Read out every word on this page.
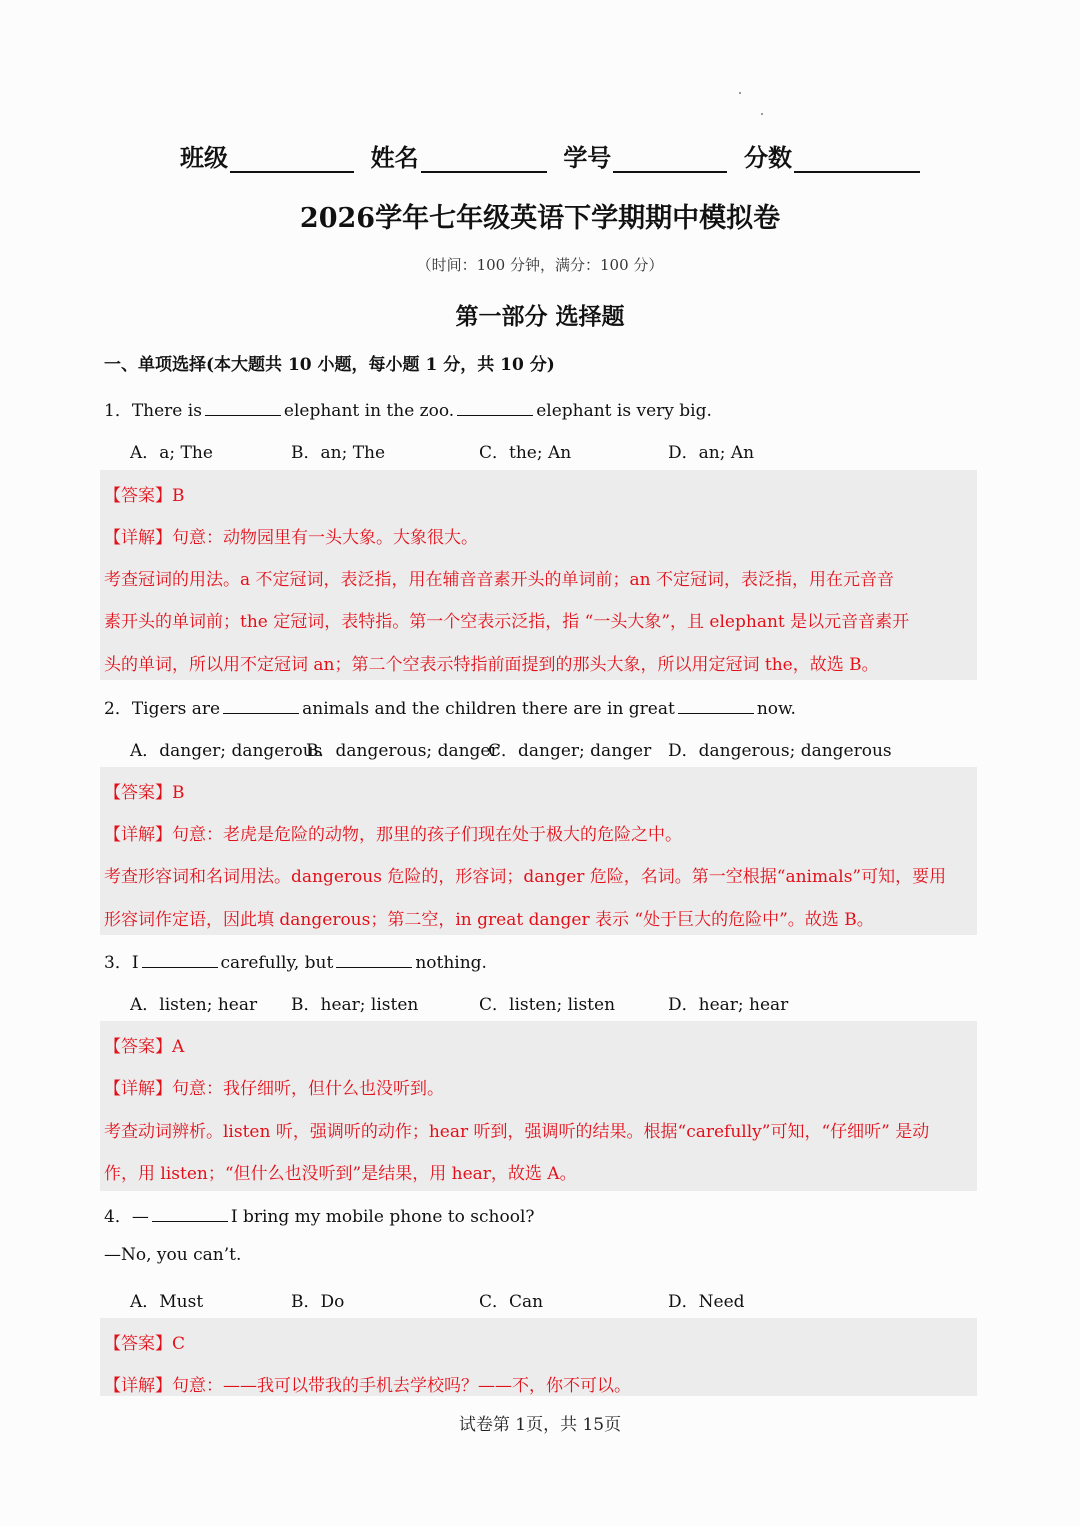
班级	姓名	学号	分数
2026学年七年级英语下学期期中模拟卷
（时间：100 分钟，满分：100 分）
第一部分 选择题
一、单项选择(本大题共 10 小题，每小题 1 分，共 10 分)
1．There is	elephant in the zoo.	elephant is very big.
A．a; The	B．an; The	C．the; An	D．an; An
【答案】B
【详解】句意：动物园里有一头大象。大象很大。
考查冠词的用法。a 不定冠词，表泛指，用在辅音音素开头的单词前；an 不定冠词，表泛指，用在元音音
素开头的单词前；the 定冠词，表特指。第一个空表示泛指，指 “一头大象”，且 elephant 是以元音音素开
头的单词，所以用不定冠词 an；第二个空表示特指前面提到的那头大象，所以用定冠词 the，故选 B。
2．Tigers are	animals and the children there are in great	now.
A．danger; dangerous
B．dangerous; danger
C．danger; danger D．dangerous; dangerous
【答案】B
【详解】句意：老虎是危险的动物，那里的孩子们现在处于极大的危险之中。
考查形容词和名词用法。dangerous 危险的，形容词；danger 危险，名词。第一空根据“animals”可知，要用
形容词作定语，因此填 dangerous；第二空，in great danger 表示 “处于巨大的危险中”。故选 B。
3．I	carefully, but	nothing.
A．listen; hear B．hear; listen	C．listen; listen	D．hear; hear
【答案】A
【详解】句意：我仔细听，但什么也没听到。
考查动词辨析。listen 听，强调听的动作；hear 听到，强调听的结果。根据“carefully”可知，“仔细听” 是动
作，用 listen；“但什么也没听到”是结果，用 hear，故选 A。
4．—	I bring my mobile phone to school?
—No, you can’t.
A．Must	B．Do	C．Can	D．Need
【答案】C
【详解】句意：——我可以带我的手机去学校吗？——不，你不可以。
试卷第 1页，共 15页
